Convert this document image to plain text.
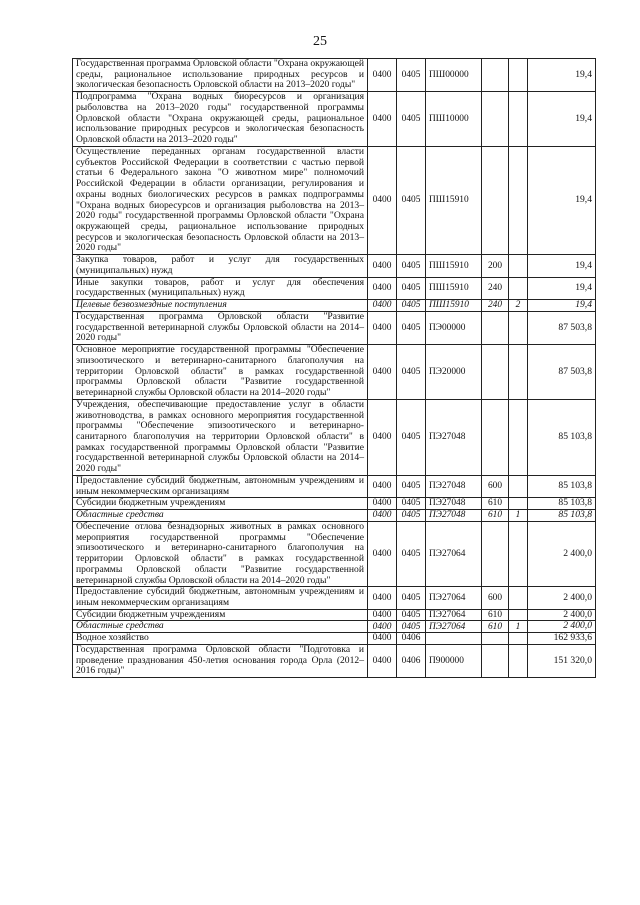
25
Государственная программа Орловской области "Охрана окружающей среды, рациональное использование природных ресурсов и экологическая безопасность Орловской области на 2013–2020 годы"	0400	0405	ПШ00000			19,4
Подпрограмма "Охрана водных биоресурсов и организация рыболовства на 2013–2020 годы" государственной программы Орловской области "Охрана окружающей среды, рациональное использование природных ресурсов и экологическая безопасность Орловской области на 2013–2020 годы"	0400	0405	ПШ10000			19,4
Осуществление переданных органам государственной власти субъектов Российской Федерации в соответствии с частью первой статьи 6 Федерального закона "О животном мире" полномочий Российской Федерации в области организации, регулирования и охраны водных биологических ресурсов в рамках подпрограммы "Охрана водных биоресурсов и организация рыболовства на 2013–2020 годы" государственной программы Орловской области "Охрана окружающей среды, рациональное использование природных ресурсов и экологическая безопасность Орловской области на 2013–2020 годы"	0400	0405	ПШ15910			19,4
Закупка товаров, работ и услуг для государственных (муниципальных) нужд	0400	0405	ПШ15910	200		19,4
Иные закупки товаров, работ и услуг для обеспечения государственных (муниципальных) нужд	0400	0405	ПШ15910	240		19,4
Целевые безвозмездные поступления	0400	0405	ПШ15910	240	2	19,4
Государственная программа Орловской области "Развитие государственной ветеринарной службы Орловской области на 2014–2020 годы"	0400	0405	ПЭ00000			87 503,8
Основное мероприятие государственной программы "Обеспечение эпизоотического и ветеринарно-санитарного благополучия на территории Орловской области" в рамках государственной программы Орловской области "Развитие государственной ветеринарной службы Орловской области на 2014–2020 годы"	0400	0405	ПЭ20000			87 503,8
Учреждения, обеспечивающие предоставление услуг в области животноводства, в рамках основного мероприятия государственной программы "Обеспечение эпизоотического и ветеринарно-санитарного благополучия на территории Орловской области" в рамках государственной программы Орловской области "Развитие государственной ветеринарной службы Орловской области на 2014–2020 годы"	0400	0405	ПЭ27048			85 103,8
Предоставление субсидий бюджетным, автономным учреждениям и иным некоммерческим организациям	0400	0405	ПЭ27048	600		85 103,8
Субсидии бюджетным учреждениям	0400	0405	ПЭ27048	610		85 103,8
Областные средства	0400	0405	ПЭ27048	610	1	85 103,8
Обеспечение отлова безнадзорных животных в рамках основного мероприятия государственной программы "Обеспечение эпизоотического и ветеринарно-санитарного благополучия на территории Орловской области" в рамках государственной программы Орловской области "Развитие государственной ветеринарной службы Орловской области на 2014–2020 годы"	0400	0405	ПЭ27064			2 400,0
Предоставление субсидий бюджетным, автономным учреждениям и иным некоммерческим организациям	0400	0405	ПЭ27064	600		2 400,0
Субсидии бюджетным учреждениям	0400	0405	ПЭ27064	610		2 400,0
Областные средства	0400	0405	ПЭ27064	610	1	2 400,0
Водное хозяйство	0400	0406				162 933,6
Государственная программа Орловской области "Подготовка и проведение празднования 450-летия основания города Орла (2012–2016 годы)"	0400	0406	П900000			151 320,0
